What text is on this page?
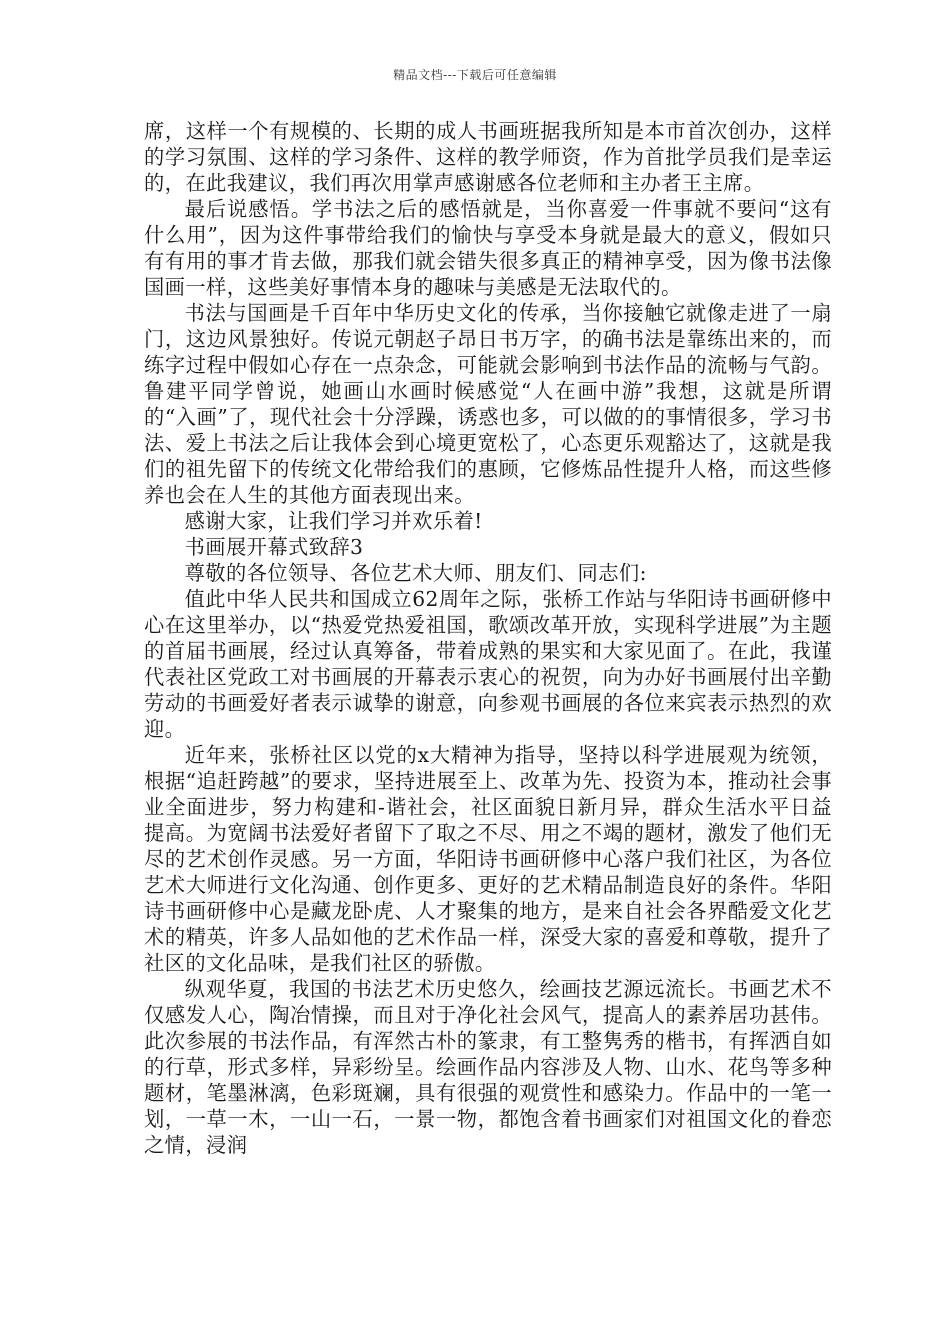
精品文档---下载后可任意编辑

席，这样一个有规模的、长期的成人书画班据我所知是本市首次创办，这样的学习氛围、这样的学习条件、这样的教学师资，作为首批学员我们是幸运的，在此我建议，我们再次用掌声感谢感各位老师和主办者王主席。

最后说感悟。学书法之后的感悟就是，当你喜爱一件事就不要问“这有什么用”，因为这件事带给我们的愉快与享受本身就是最大的意义，假如只有有用的事才肯去做，那我们就会错失很多真正的精神享受，因为像书法像国画一样，这些美好事情本身的趣味与美感是无法取代的。

书法与国画是千百年中华历史文化的传承，当你接触它就像走进了一扇门，这边风景独好。传说元朝赵子昂日书万字，的确书法是靠练出来的，而练字过程中假如心存在一点杂念，可能就会影响到书法作品的流畅与气韵。鲁建平同学曾说，她画山水画时候感觉“人在画中游”我想，这就是所谓的“入画”了，现代社会十分浮躁，诱惑也多，可以做的的事情很多，学习书法、爱上书法之后让我体会到心境更宽松了，心态更乐观豁达了，这就是我们的祖先留下的传统文化带给我们的惠顾，它修炼品性提升人格，而这些修养也会在人生的其他方面表现出来。

感谢大家，让我们学习并欢乐着!

书画展开幕式致辞3

尊敬的各位领导、各位艺术大师、朋友们、同志们:

值此中华人民共和国成立62周年之际，张桥工作站与华阳诗书画研修中心在这里举办，以“热爱党热爱祖国，歌颂改革开放，实现科学进展”为主题的首届书画展，经过认真筹备，带着成熟的果实和大家见面了。在此，我谨代表社区党政工对书画展的开幕表示衷心的祝贺，向为办好书画展付出辛勤劳动的书画爱好者表示诚挚的谢意，向参观书画展的各位来宾表示热烈的欢迎。

近年来，张桥社区以党的x大精神为指导，坚持以科学进展观为统领，根据“追赶跨越”的要求，坚持进展至上、改革为先、投资为本，推动社会事业全面进步，努力构建和-谐社会，社区面貌日新月异，群众生活水平日益提高。为宽阔书法爱好者留下了取之不尽、用之不竭的题材，激发了他们无尽的艺术创作灵感。另一方面，华阳诗书画研修中心落户我们社区，为各位艺术大师进行文化沟通、创作更多、更好的艺术精品制造良好的条件。华阳诗书画研修中心是藏龙卧虎、人才聚集的地方，是来自社会各界酷爱文化艺术的精英，许多人品如他的艺术作品一样，深受大家的喜爱和尊敬，提升了社区的文化品味，是我们社区的骄傲。

纵观华夏，我国的书法艺术历史悠久，绘画技艺源远流长。书画艺术不仅感发人心，陶冶情操，而且对于净化社会风气，提高人的素养居功甚伟。此次参展的书法作品，有浑然古朴的篆隶，有工整隽秀的楷书，有挥洒自如的行草，形式多样，异彩纷呈。绘画作品内容涉及人物、山水、花鸟等多种题材，笔墨淋漓，色彩斑斓，具有很强的观赏性和感染力。作品中的一笔一划，一草一木，一山一石，一景一物，都饱含着书画家们对祖国文化的眷恋之情，浸润
